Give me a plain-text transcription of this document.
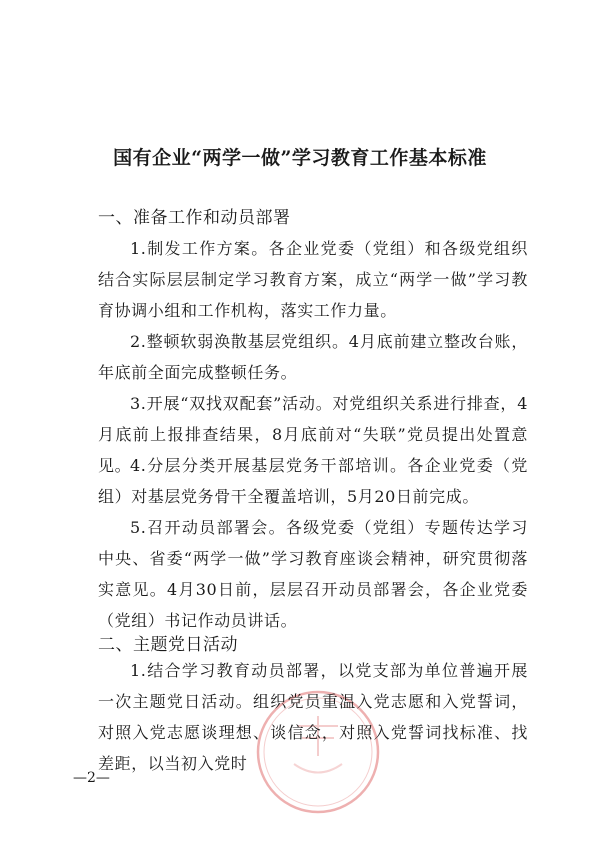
国有企业“两学一做”学习教育工作基本标准
一、准备工作和动员部署

1.制发工作方案。各企业党委（党组）和各级党组织结合实际层层制定学习教育方案，成立“两学一做”学习教育协调小组和工作机构，落实工作力量。

2.整顿软弱涣散基层党组织。4月底前建立整改台账，年底前全面完成整顿任务。

3.开展“双找双配套”活动。对党组织关系进行排查，4月底前上报排查结果，8月底前对“失联”党员提出处置意见。

4.分层分类开展基层党务干部培训。各企业党委（党组）对基层党务骨干全覆盖培训，5月20日前完成。

5.召开动员部署会。各级党委（党组）专题传达学习中央、省委“两学一做”学习教育座谈会精神，研究贯彻落实意见。4月30日前，层层召开动员部署会，各企业党委（党组）书记作动员讲话。

二、主题党日活动

1.结合学习教育动员部署，以党支部为单位普遍开展一次主题党日活动。组织党员重温入党志愿和入党誓词，对照入党志愿谈理想、谈信念，对照入党誓词找标准、找差距，以当初入党时

—2—
